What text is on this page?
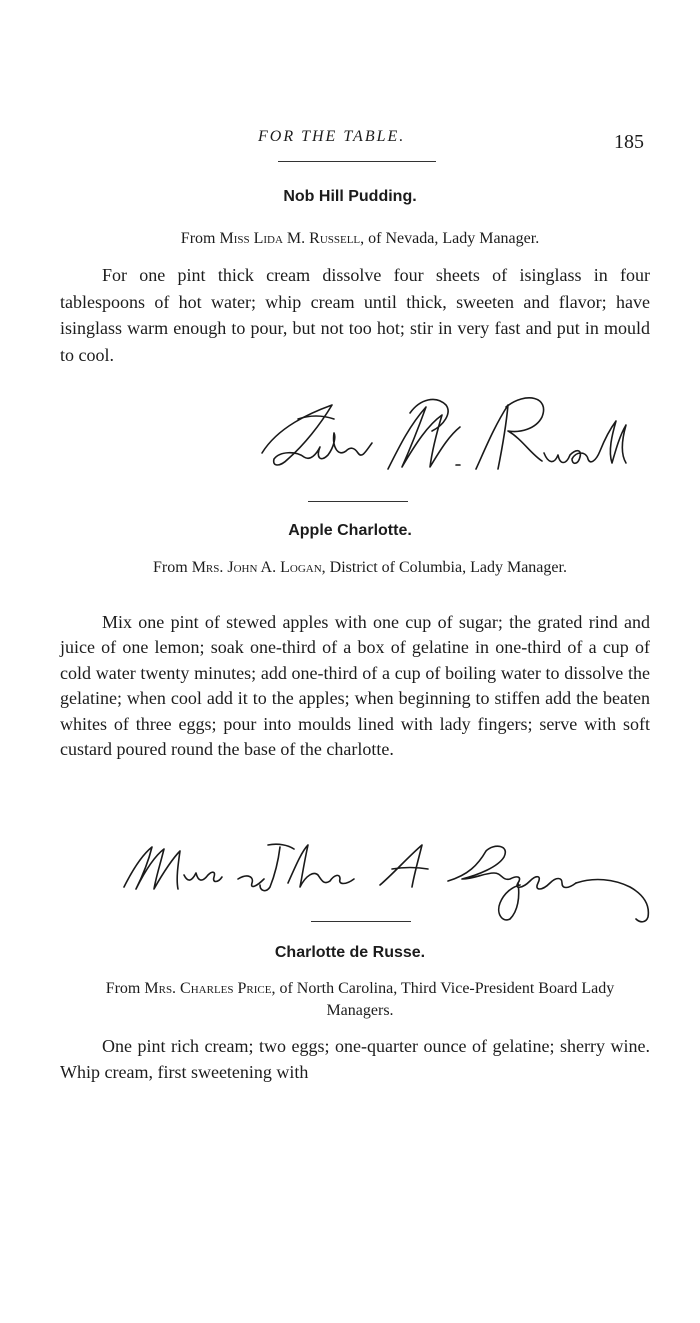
FOR THE TABLE.	185
Nob Hill Pudding.
From Miss Lida M. Russell, of Nevada, Lady Manager.
For one pint thick cream dissolve four sheets of isinglass in four tablespoons of hot water; whip cream until thick, sweeten and flavor; have isinglass warm enough to pour, but not too hot; stir in very fast and put in mould to cool.
Apple Charlotte.
From Mrs. John A. Logan, District of Columbia, Lady Manager.
Mix one pint of stewed apples with one cup of sugar; the grated rind and juice of one lemon; soak one-third of a box of gelatine in one-third of a cup of cold water twenty minutes; add one-third of a cup of boiling water to dissolve the gelatine; when cool add it to the apples; when beginning to stiffen add the beaten whites of three eggs; pour into moulds lined with lady fingers; serve with soft custard poured round the base of the charlotte.
Charlotte de Russe.
From Mrs. Charles Price, of North Carolina, Third Vice-President Board Lady Managers.
One pint rich cream; two eggs; one-quarter ounce of gelatine; sherry wine. Whip cream, first sweetening with
